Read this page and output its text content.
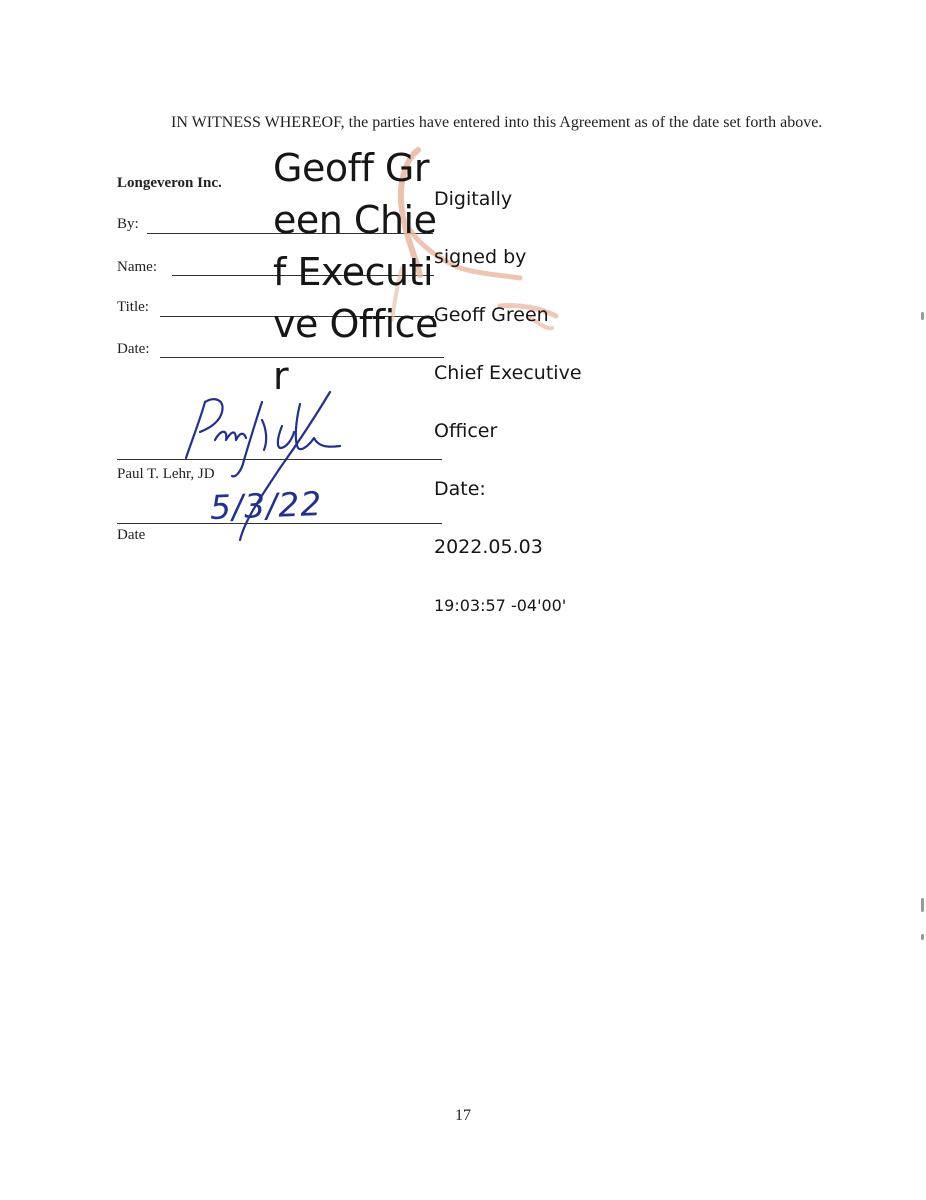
IN WITNESS WHEREOF, the parties have entered into this Agreement as of the date set forth above.
Longeveron Inc.
By:
Name:
Title:
Date:
Geoff Green Chief Executive Officer

Digitally

signed by

Geoff Green

Chief Executive

Officer

Date:

2022.05.03

19:03:57 -04'00'

Paul T. Lehr, JD
5/3/22
Date
17
